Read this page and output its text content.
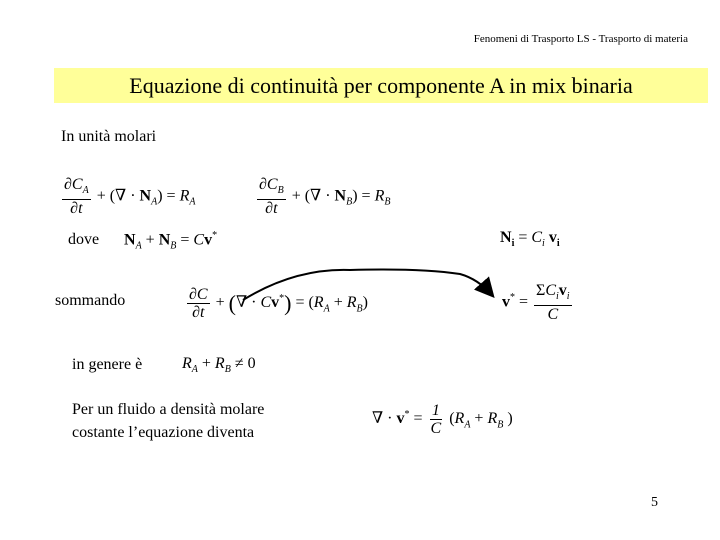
Fenomeni di Trasporto LS - Trasporto di materia
Equazione di continuità per componente A in mix binaria
In unità molari
$\frac{\partial C_A}{\partial t}$ + (∇ · $N_A) = R_A$	$\frac{\partial C_B}{\partial t}$ + (∇ · $N_B) = R_B$
dove $N_A + N_B = Cv^*$	$N_i = C_i$ $v_i$
sommando	$\frac{\partial C}{\partial t}$ + (∇ · $Cv^*) = (R_A + R_B)$	$v^* = \frac{\Sigma C_iv_i}{C}$
in genere è $R_A + R_B \ne 0$
Per un fluido a densità molare
costante l’equazione diventa
∇ · $v^* = \frac{1}{C} (R_A + R_B$ )
5
